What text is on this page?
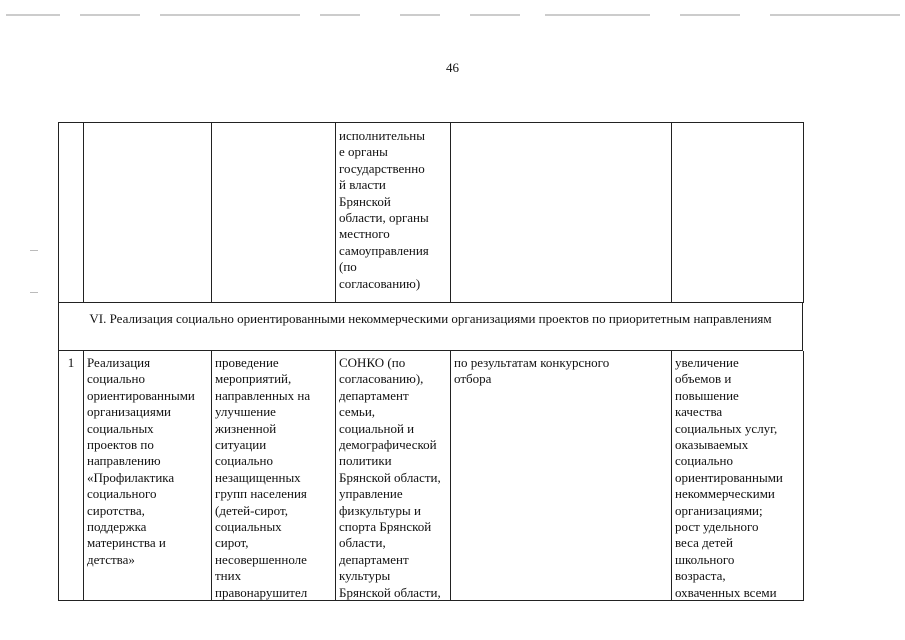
46
исполнительны
е органы
государственно
й власти
Брянской
области, органы
местного
самоуправления
(по
согласованию)
VI. Реализация социально ориентированными некоммерческими организациями проектов по приоритетным направлениям
1 Реализация
социально
ориентированными
организациями
социальных
проектов по
направлению
«Профилактика
социального
сиротства,
поддержка
материнства и
детства»
проведение
мероприятий,
направленных на
улучшение
жизненной
ситуации
социально
незащищенных
групп населения
(детей-сирот,
социальных
сирот,
несовершеннолe
тних
правонарушител
СОНКО (по
согласованию),
департамент
семьи,
социальной и
демографической
политики
Брянской области,
управление
физкультуры и
спорта Брянской
области,
департамент
культуры
Брянской области,
по результатам конкурсного
отбора
увеличение
объемов и
повышение
качества
социальных услуг,
оказываемых
социально
ориентированными
некоммерческими
организациями;
рост удельного
веса детей
школьного
возраста,
охваченных всеми
